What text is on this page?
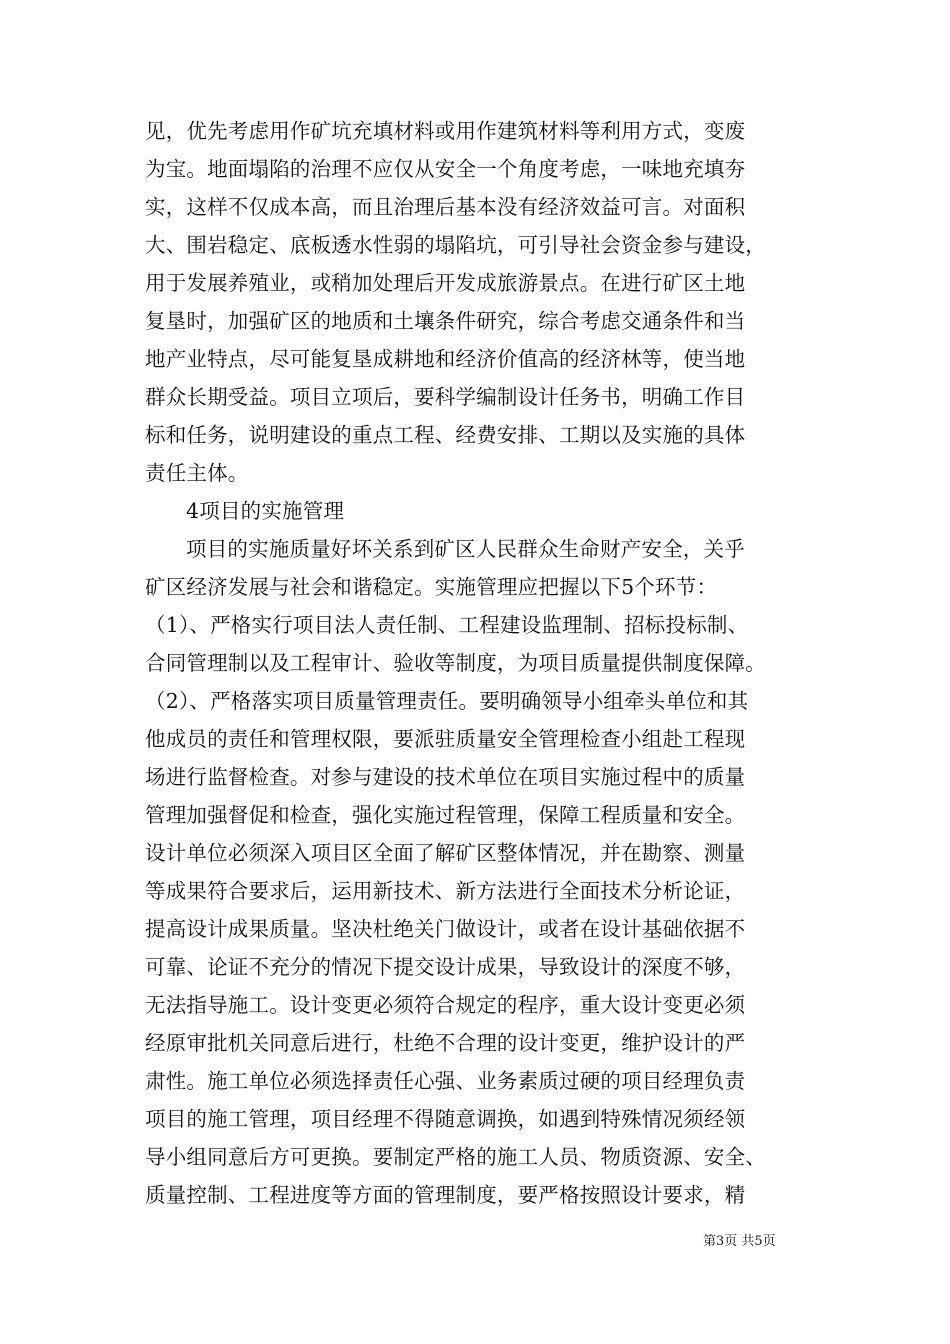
见，优先考虑用作矿坑充填材料或用作建筑材料等利用方式，变废
为宝。地面塌陷的治理不应仅从安全一个角度考虑，一味地充填夯
实，这样不仅成本高，而且治理后基本没有经济效益可言。对面积
大、围岩稳定、底板透水性弱的塌陷坑，可引导社会资金参与建设，
用于发展养殖业，或稍加处理后开发成旅游景点。在进行矿区土地
复垦时，加强矿区的地质和土壤条件研究，综合考虑交通条件和当
地产业特点，尽可能复垦成耕地和经济价值高的经济林等，使当地
群众长期受益。项目立项后，要科学编制设计任务书，明确工作目
标和任务，说明建设的重点工程、经费安排、工期以及实施的具体
责任主体。
4项目的实施管理
项目的实施质量好坏关系到矿区人民群众生命财产安全，关乎
矿区经济发展与社会和谐稳定。实施管理应把握以下5个环节：
（1）、严格实行项目法人责任制、工程建设监理制、招标投标制、
合同管理制以及工程审计、验收等制度，为项目质量提供制度保障。
（2）、严格落实项目质量管理责任。要明确领导小组牵头单位和其
他成员的责任和管理权限，要派驻质量安全管理检查小组赴工程现
场进行监督检查。对参与建设的技术单位在项目实施过程中的质量
管理加强督促和检查，强化实施过程管理，保障工程质量和安全。
设计单位必须深入项目区全面了解矿区整体情况，并在勘察、测量
等成果符合要求后，运用新技术、新方法进行全面技术分析论证，
提高设计成果质量。坚决杜绝关门做设计，或者在设计基础依据不
可靠、论证不充分的情况下提交设计成果，导致设计的深度不够，
无法指导施工。设计变更必须符合规定的程序，重大设计变更必须
经原审批机关同意后进行，杜绝不合理的设计变更，维护设计的严
肃性。施工单位必须选择责任心强、业务素质过硬的项目经理负责
项目的施工管理，项目经理不得随意调换，如遇到特殊情况须经领
导小组同意后方可更换。要制定严格的施工人员、物质资源、安全、
质量控制、工程进度等方面的管理制度，要严格按照设计要求，精
第3页 共5页
